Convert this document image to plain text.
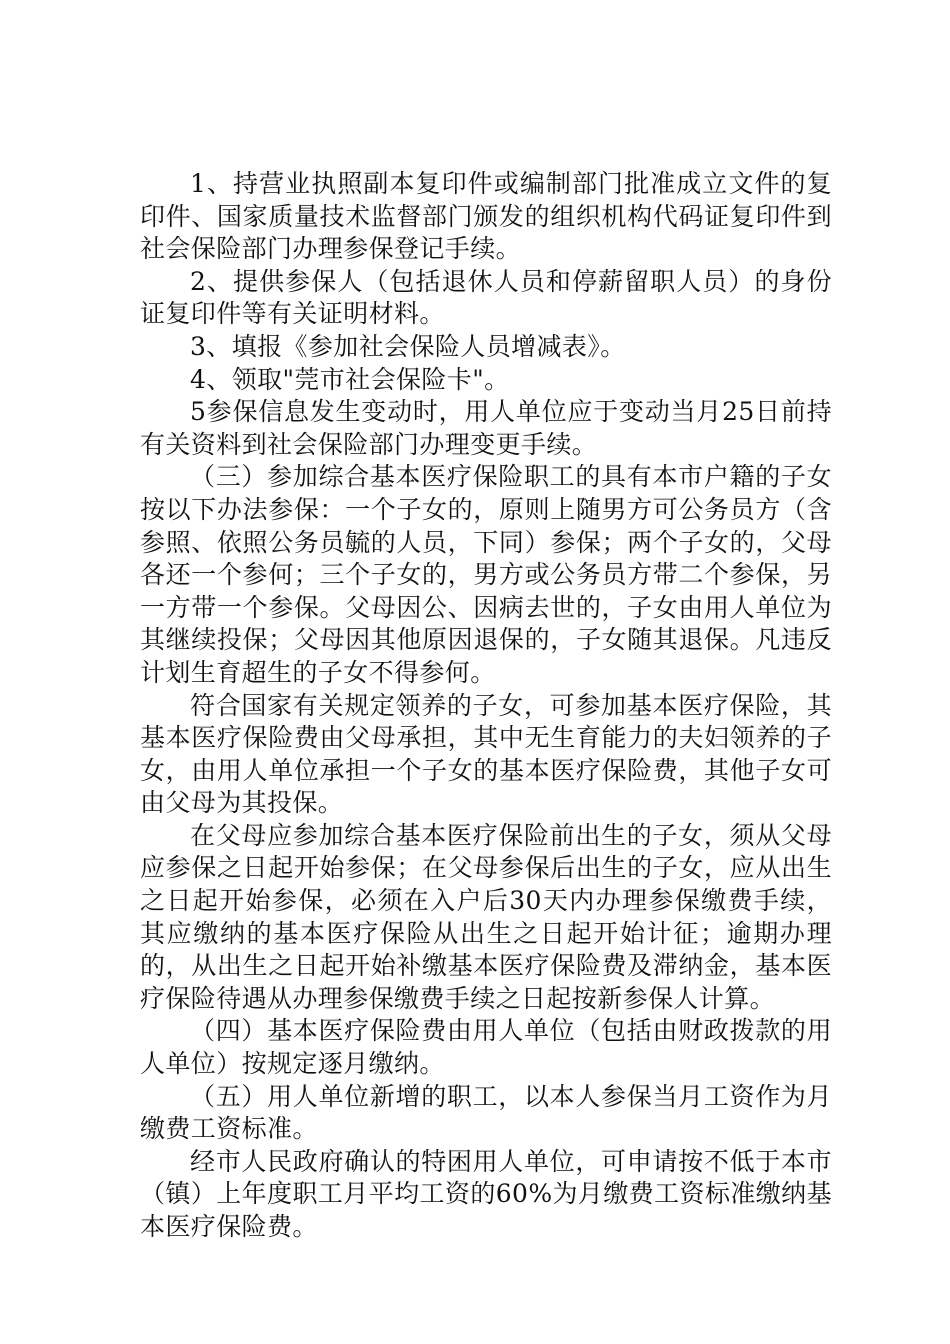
1、持营业执照副本复印件或编制部门批准成立文件的复印件、国家质量技术监督部门颁发的组织机构代码证复印件到社会保险部门办理参保登记手续。

2、提供参保人（包括退休人员和停薪留职人员）的身份证复印件等有关证明材料。

3、填报《参加社会保险人员增减表》。

4、领取"莞市社会保险卡"。

5参保信息发生变动时，用人单位应于变动当月25日前持有关资料到社会保险部门办理变更手续。

（三）参加综合基本医疗保险职工的具有本市户籍的子女按以下办法参保：一个子女的，原则上随男方可公务员方（含参照、依照公务员毓的人员，下同）参保；两个子女的，父母各还一个参何；三个子女的，男方或公务员方带二个参保，另一方带一个参保。父母因公、因病去世的，子女由用人单位为其继续投保；父母因其他原因退保的，子女随其退保。凡违反计划生育超生的子女不得参何。

符合国家有关规定领养的子女，可参加基本医疗保险，其基本医疗保险费由父母承担，其中无生育能力的夫妇领养的子女，由用人单位承担一个子女的基本医疗保险费，其他子女可由父母为其投保。

在父母应参加综合基本医疗保险前出生的子女，须从父母应参保之日起开始参保；在父母参保后出生的子女，应从出生之日起开始参保，必须在入户后30天内办理参保缴费手续，其应缴纳的基本医疗保险从出生之日起开始计征；逾期办理的，从出生之日起开始补缴基本医疗保险费及滞纳金，基本医疗保险待遇从办理参保缴费手续之日起按新参保人计算。

（四）基本医疗保险费由用人单位（包括由财政拨款的用人单位）按规定逐月缴纳。

（五）用人单位新增的职工，以本人参保当月工资作为月缴费工资标准。

经市人民政府确认的特困用人单位，可申请按不低于本市（镇）上年度职工月平均工资的60%为月缴费工资标准缴纳基本医疗保险费。
